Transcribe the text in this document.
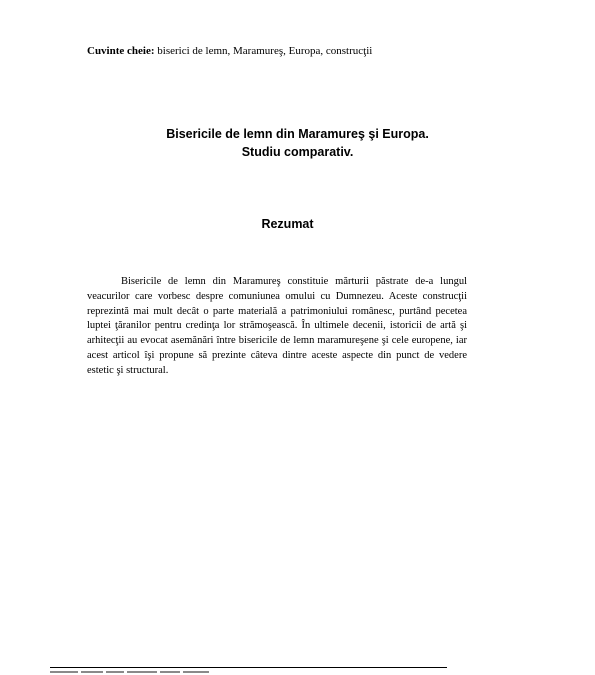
Cuvinte cheie: biserici de lemn, Maramureş, Europa, construcţii
Bisericile de lemn din Maramureş şi Europa.
Studiu comparativ.
Rezumat

Bisericile de lemn din Maramureş constituie mărturii păstrate de-a lungul veacurilor care vorbesc despre comuniunea omului cu Dumnezeu. Aceste construcţii reprezintă mai mult decât o parte materială a patrimoniului românesc, purtând pecetea luptei ţăranilor pentru credinţa lor strămoşească. În ultimele decenii, istoricii de artă şi arhitecţii au evocat asemănări între bisericile de lemn maramureşene şi cele europene, iar acest articol îşi propune să prezinte câteva dintre aceste aspecte din punct de vedere estetic şi structural.
